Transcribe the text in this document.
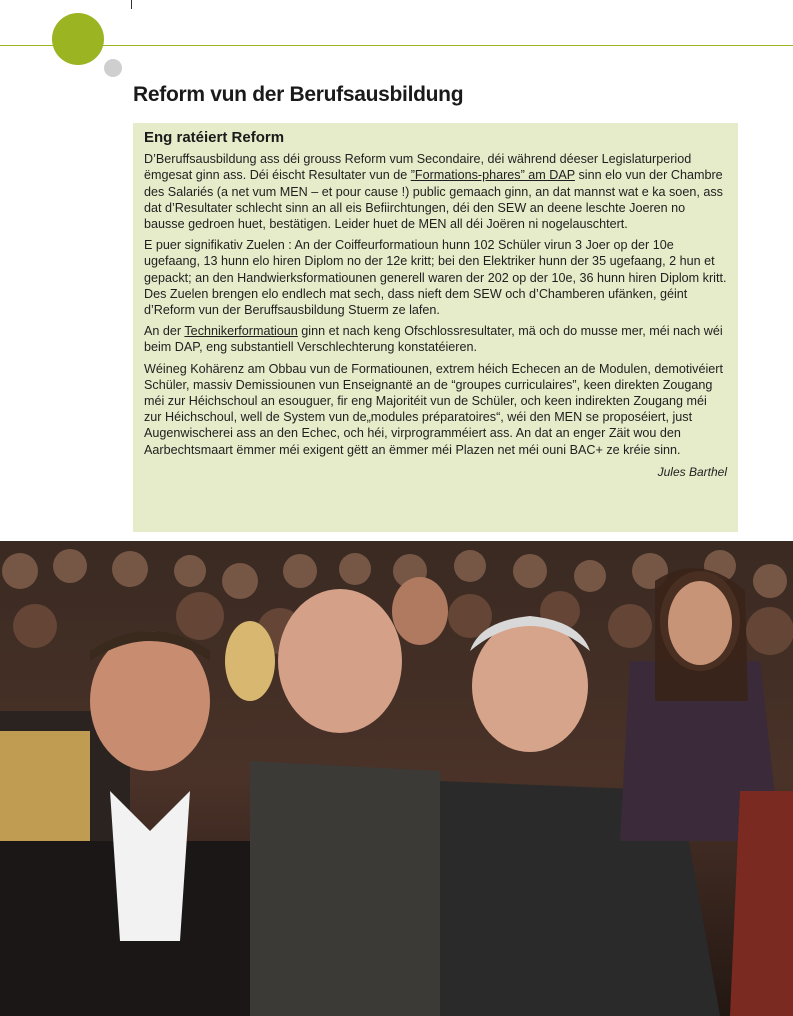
Reform vun der Berufsausbildung
Eng ratéiert Reform

D’Beruffsausbildung ass déi grouss Reform vum Secondaire, déi während déeser Legislaturperiod ëmgesat ginn ass. Déi éischt Resultater vun de ”Formations-phares” am DAP sinn elo vun der Chambre des Salariés (a net vum MEN – et pour cause !) public gemaach ginn, an dat mannst wat e ka soen, ass dat d’Resultater schlecht sinn an all eis Befiirchtungen, déi den SEW an deene leschte Joeren no bausse gedroen huet, bestätigen. Leider huet de MEN all déi Joëren ni nogelauschtert.

E puer signifikativ Zuelen : An der Coiffeurformatioun hunn 102 Schüler virun 3 Joer op der 10e ugefaang, 13 hunn elo hiren Diplom no der 12e kritt; bei den Elektriker hunn der 35 ugefaang, 2 hun et gepackt; an den Handwierksformatiounen generell waren der 202 op der 10e, 36 hunn hiren Diplom kritt. Des Zuelen brengen elo endlech mat sech, dass nieft dem SEW och d’Chamberen ufänken, géint d’Reform vun der Beruffsausbildung Stuerm ze lafen.

An der Technikerformatioun ginn et nach keng Ofschlossresultater, mä och do musse mer, méi nach wéi beim DAP, eng substantiell Verschlechterung konstatéieren.

Wéineg Kohärenz am Obbau vun de Formatiounen, extrem héich Echecen an de Modulen, demotivéiert Schüler, massiv Demissiounen vun Enseignantë an de “groupes curriculaires”, keen direkten Zougang méi zur Héichschoul an esouguer, fir eng Majoritéit vun de Schüler, och keen indirekten Zougang méi zur Héichschoul, well de System vun de„modules préparatoires“, wéi den MEN se proposéiert, just Augenwischerei ass an den Echec, och héi, virprogramméiert ass. An dat an enger Zäit wou den Aarbechtsmaart ëmmer méi exigent gëtt an ëmmer méi Plazen net méi ouni BAC+ ze kréie sinn.

Jules Barthel
